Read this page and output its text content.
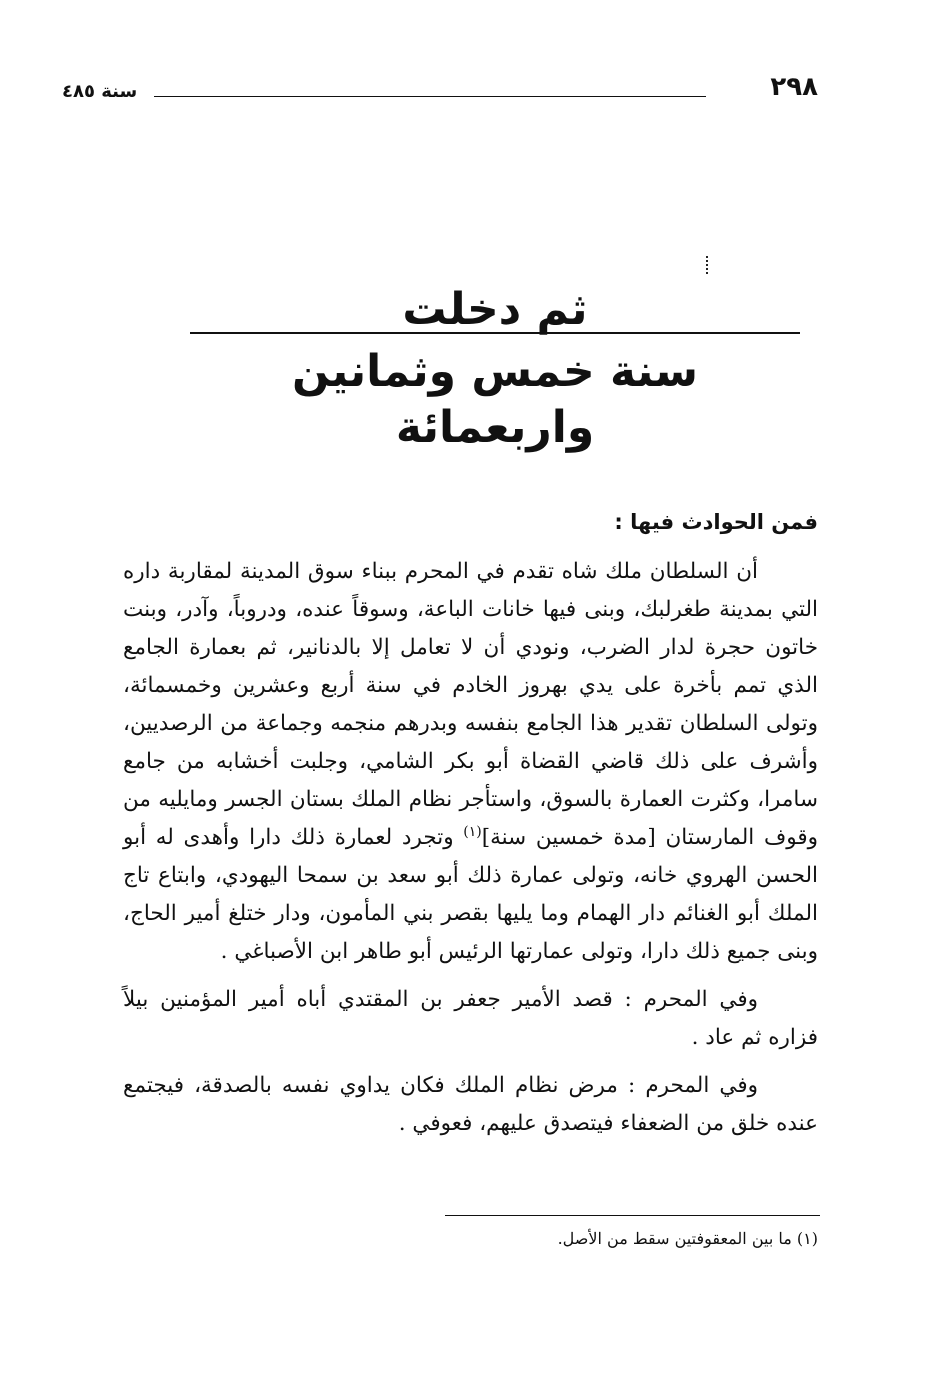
٢٩٨
سنة ٤٨٥
ثم دخلت
سنة خمس وثمانين واربعمائة
فمن الحوادث فيها :

أن السلطان ملك شاه تقدم في المحرم ببناء سوق المدينة لمقاربة داره التي بمدينة طغرلبك، وبنى فيها خانات الباعة، وسوقاً عنده، ودروباً، وآدر، وبنت خاتون حجرة لدار الضرب، ونودي أن لا تعامل إلا بالدنانير، ثم بعمارة الجامع الذي تمم بأخرة على يدي بهروز الخادم في سنة أربع وعشرين وخمسمائة، وتولى السلطان تقدير هذا الجامع بنفسه وبدرهم منجمه وجماعة من الرصديين، وأشرف على ذلك قاضي القضاة أبو بكر الشامي، وجلبت أخشابه من جامع سامرا، وكثرت العمارة بالسوق، واستأجر نظام الملك بستان الجسر ومايليه من وقوف المارستان [مدة خمسين سنة]$^{(١)}$ وتجرد لعمارة ذلك دارا وأهدى له أبو الحسن الهروي خانه، وتولى عمارة ذلك أبو سعد بن سمحا اليهودي، وابتاع تاج الملك أبو الغنائم دار الهمام وما يليها بقصر بني المأمون، ودار ختلغ أمير الحاج، وبنى جميع ذلك دارا، وتولى عمارتها الرئيس أبو طاهر ابن الأصباغي .

وفي المحرم : قصد الأمير جعفر بن المقتدي أباه أمير المؤمنين بيلاً فزاره ثم عاد .

وفي المحرم : مرض نظام الملك فكان يداوي نفسه بالصدقة، فيجتمع عنده خلق من الضعفاء فيتصدق عليهم، فعوفي .

(١) ما بين المعقوفتين سقط من الأصل.
